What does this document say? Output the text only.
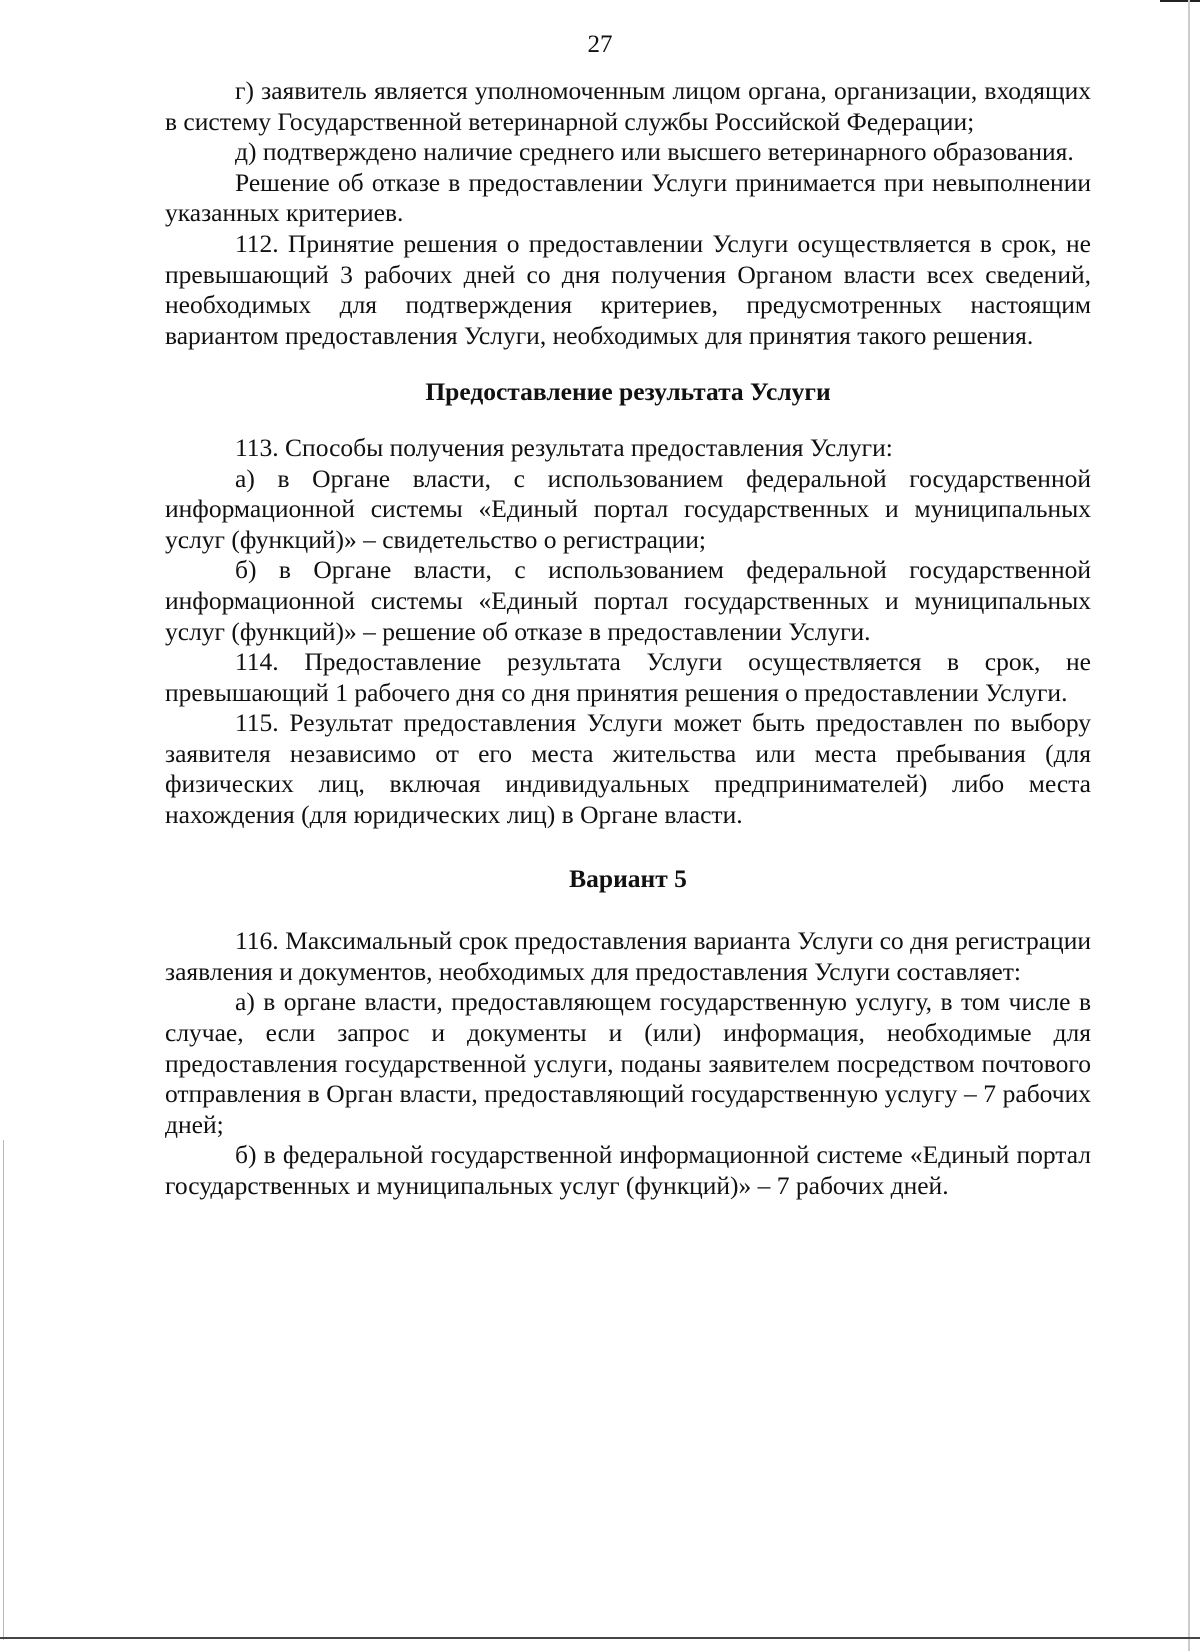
27

г) заявитель является уполномоченным лицом органа, организации, входящих в систему Государственной ветеринарной службы Российской Федерации;

д) подтверждено наличие среднего или высшего ветеринарного образования.

Решение об отказе в предоставлении Услуги принимается при невыполнении указанных критериев.

112. Принятие решения о предоставлении Услуги осуществляется в срок, не превышающий 3 рабочих дней со дня получения Органом власти всех сведений, необходимых для подтверждения критериев, предусмотренных настоящим вариантом предоставления Услуги, необходимых для принятия такого решения.

Предоставление результата Услуги

113. Способы получения результата предоставления Услуги:

а) в Органе власти, с использованием федеральной государственной информационной системы «Единый портал государственных и муниципальных услуг (функций)» – свидетельство о регистрации;

б) в Органе власти, с использованием федеральной государственной информационной системы «Единый портал государственных и муниципальных услуг (функций)» – решение об отказе в предоставлении Услуги.

114. Предоставление результата Услуги осуществляется в срок, не превышающий 1 рабочего дня со дня принятия решения о предоставлении Услуги.

115. Результат предоставления Услуги может быть предоставлен по выбору заявителя независимо от его места жительства или места пребывания (для физических лиц, включая индивидуальных предпринимателей) либо места нахождения (для юридических лиц) в Органе власти.

Вариант 5

116. Максимальный срок предоставления варианта Услуги со дня регистрации заявления и документов, необходимых для предоставления Услуги составляет:

а) в органе власти, предоставляющем государственную услугу, в том числе в случае, если запрос и документы и (или) информация, необходимые для предоставления государственной услуги, поданы заявителем посредством почтового отправления в Орган власти, предоставляющий государственную услугу – 7 рабочих дней;

б) в федеральной государственной информационной системе «Единый портал государственных и муниципальных услуг (функций)» – 7 рабочих дней.
